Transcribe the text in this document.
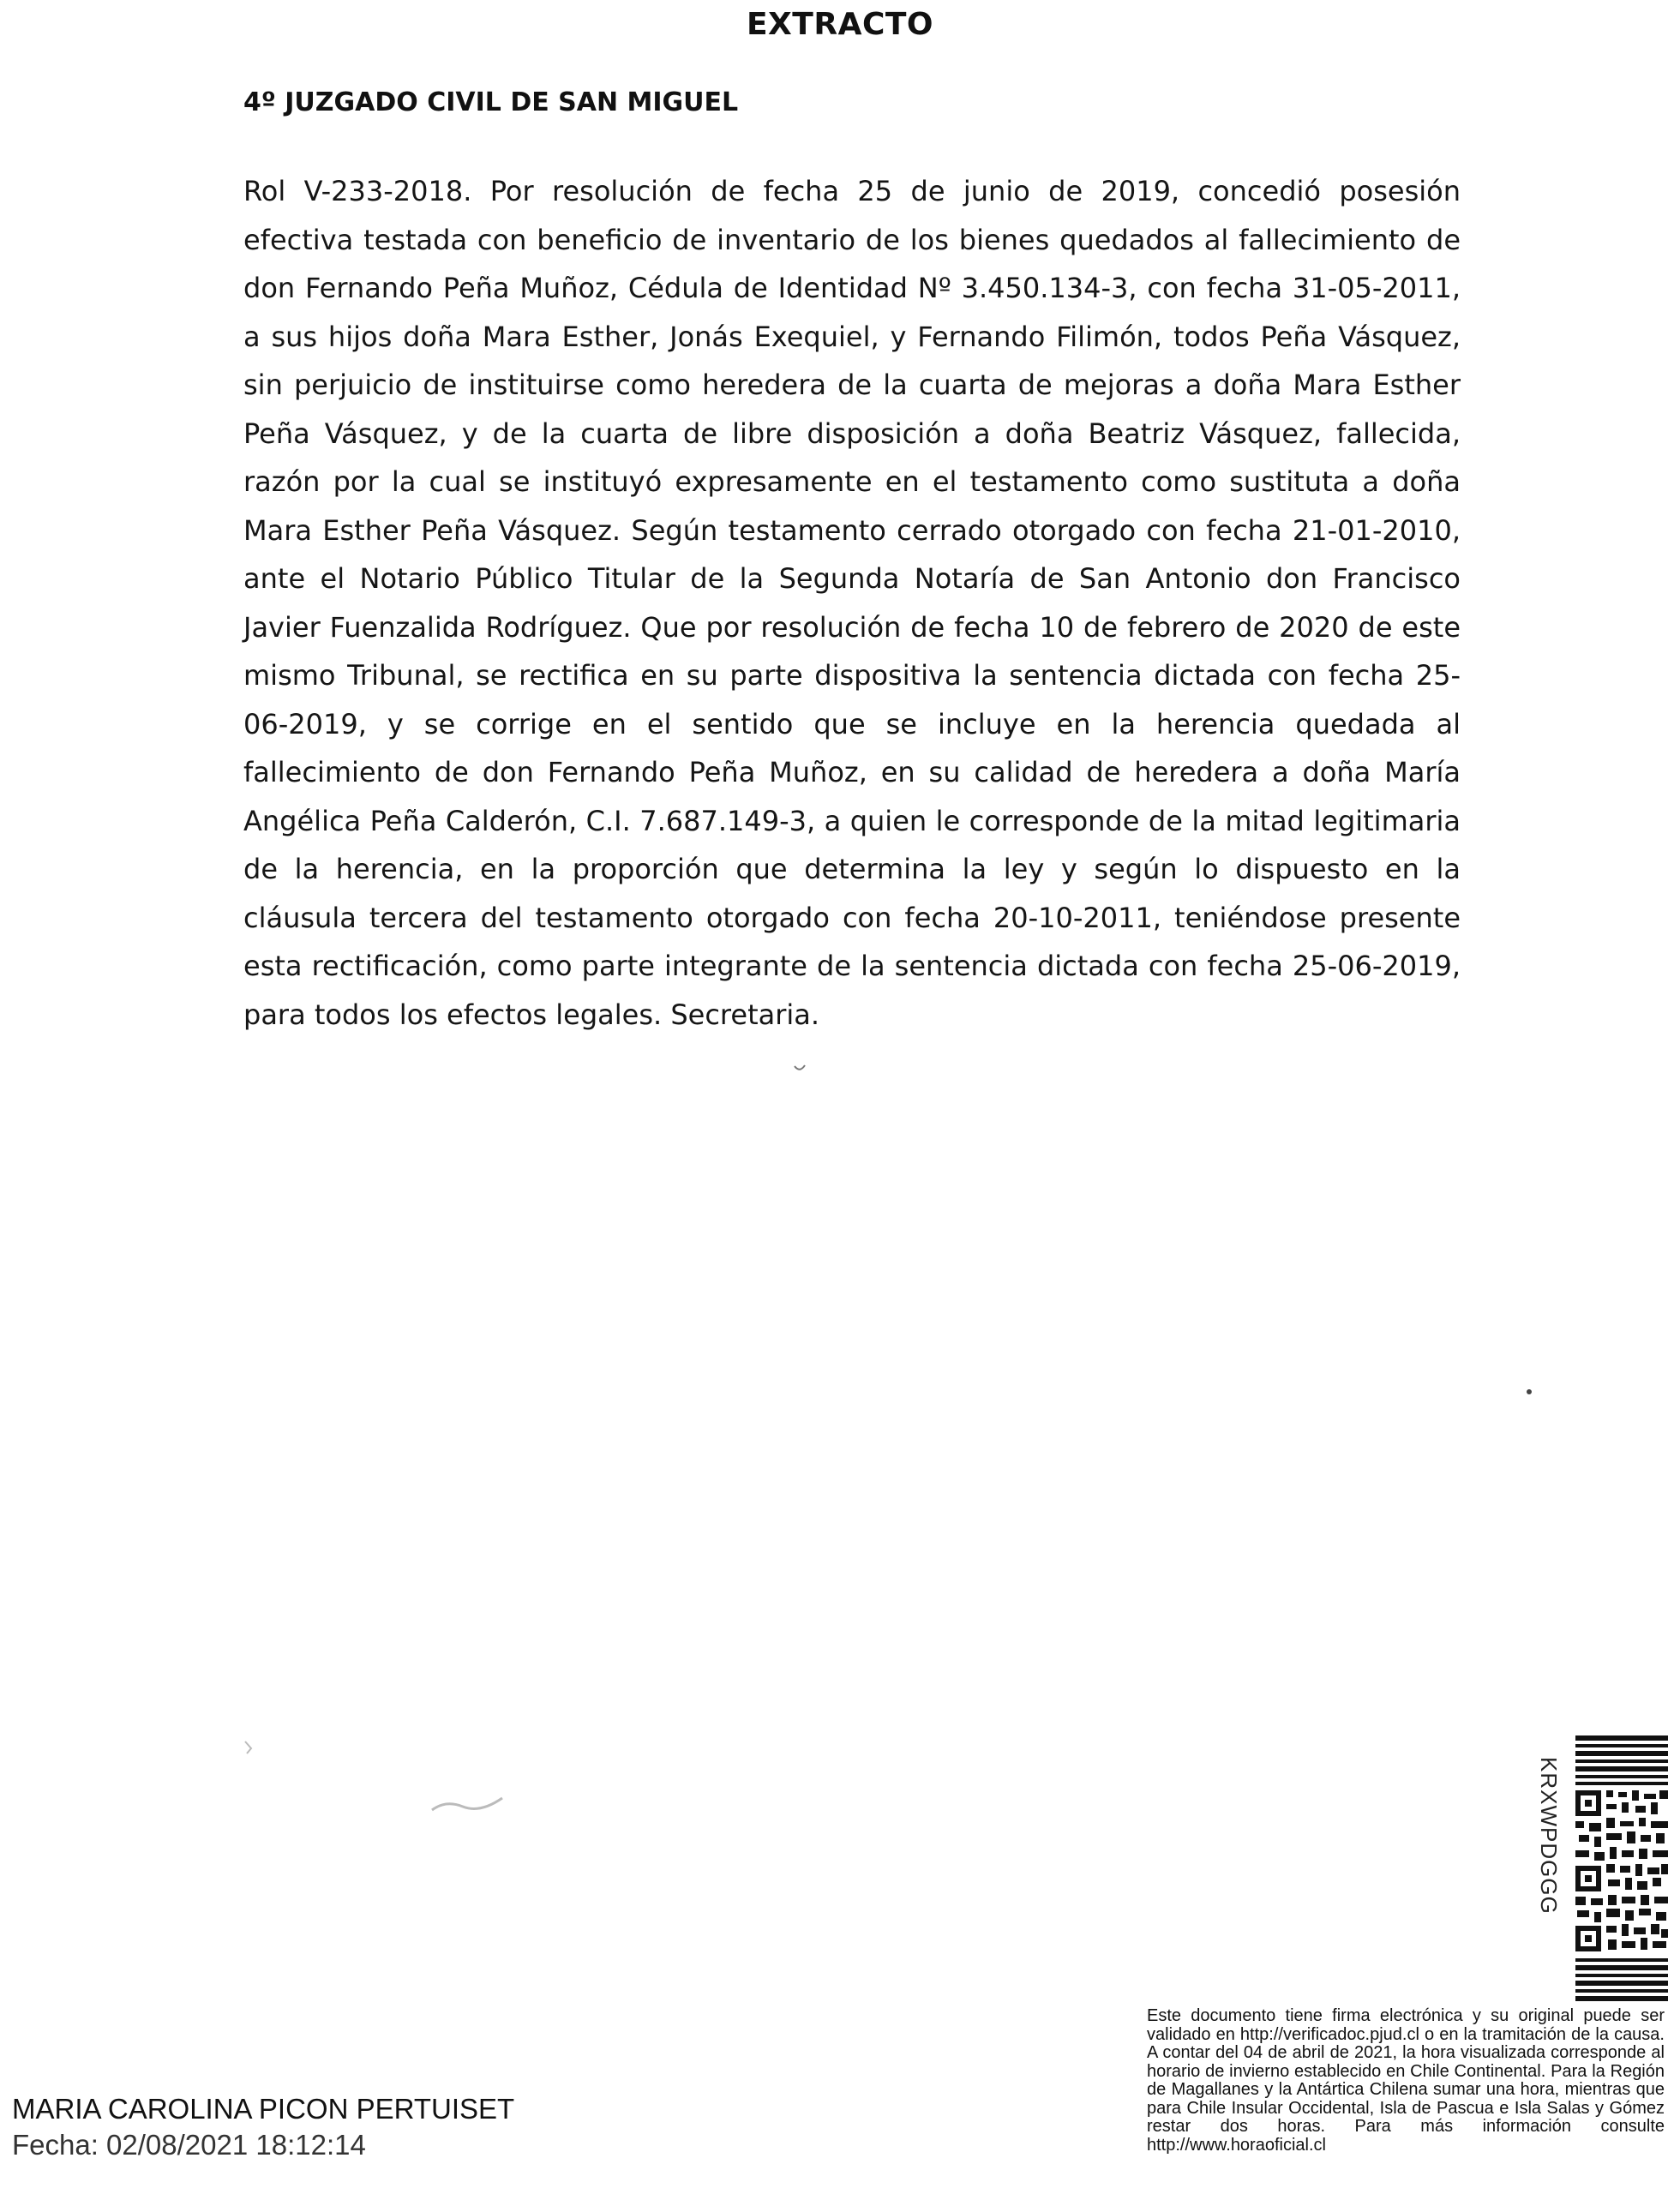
EXTRACTO
4º JUZGADO CIVIL DE SAN MIGUEL

Rol V-233-2018. Por resolución de fecha 25 de junio de 2019, concedió posesión efectiva testada con beneficio de inventario de los bienes quedados al fallecimiento de don Fernando Peña Muñoz, Cédula de Identidad Nº 3.450.134-3, con fecha 31-05-2011, a sus hijos doña Mara Esther, Jonás Exequiel, y Fernando Filimón, todos Peña Vásquez, sin perjuicio de instituirse como heredera de la cuarta de mejoras a doña Mara Esther Peña Vásquez, y de la cuarta de libre disposición a doña Beatriz Vásquez, fallecida, razón por la cual se instituyó expresamente en el testamento como sustituta a doña Mara Esther Peña Vásquez. Según testamento cerrado otorgado con fecha 21-01-2010, ante el Notario Público Titular de la Segunda Notaría de San Antonio don Francisco Javier Fuenzalida Rodríguez. Que por resolución de fecha 10 de febrero de 2020 de este mismo Tribunal, se rectifica en su parte dispositiva la sentencia dictada con fecha 25-06-2019, y se corrige en el sentido que se incluye en la herencia quedada al fallecimiento de don Fernando Peña Muñoz, en su calidad de heredera a doña María Angélica Peña Calderón, C.I. 7.687.149-3, a quien le corresponde de la mitad legitimaria de la herencia, en la proporción que determina la ley y según lo dispuesto en la cláusula tercera del testamento otorgado con fecha 20-10-2011, teniéndose presente esta rectificación, como parte integrante de la sentencia dictada con fecha 25-06-2019, para todos los efectos legales. Secretaria.

KRXWPDGGG

Este documento tiene firma electrónica y su original puede ser validado en http://verificadoc.pjud.cl o en la tramitación de la causa. A contar del 04 de abril de 2021, la hora visualizada corresponde al horario de invierno establecido en Chile Continental. Para la Región de Magallanes y la Antártica Chilena sumar una hora, mientras que para Chile Insular Occidental, Isla de Pascua e Isla Salas y Gómez restar dos horas. Para más información consulte http://www.horaoficial.cl

MARIA CAROLINA PICON PERTUISET

Fecha: 02/08/2021 18:12:14
